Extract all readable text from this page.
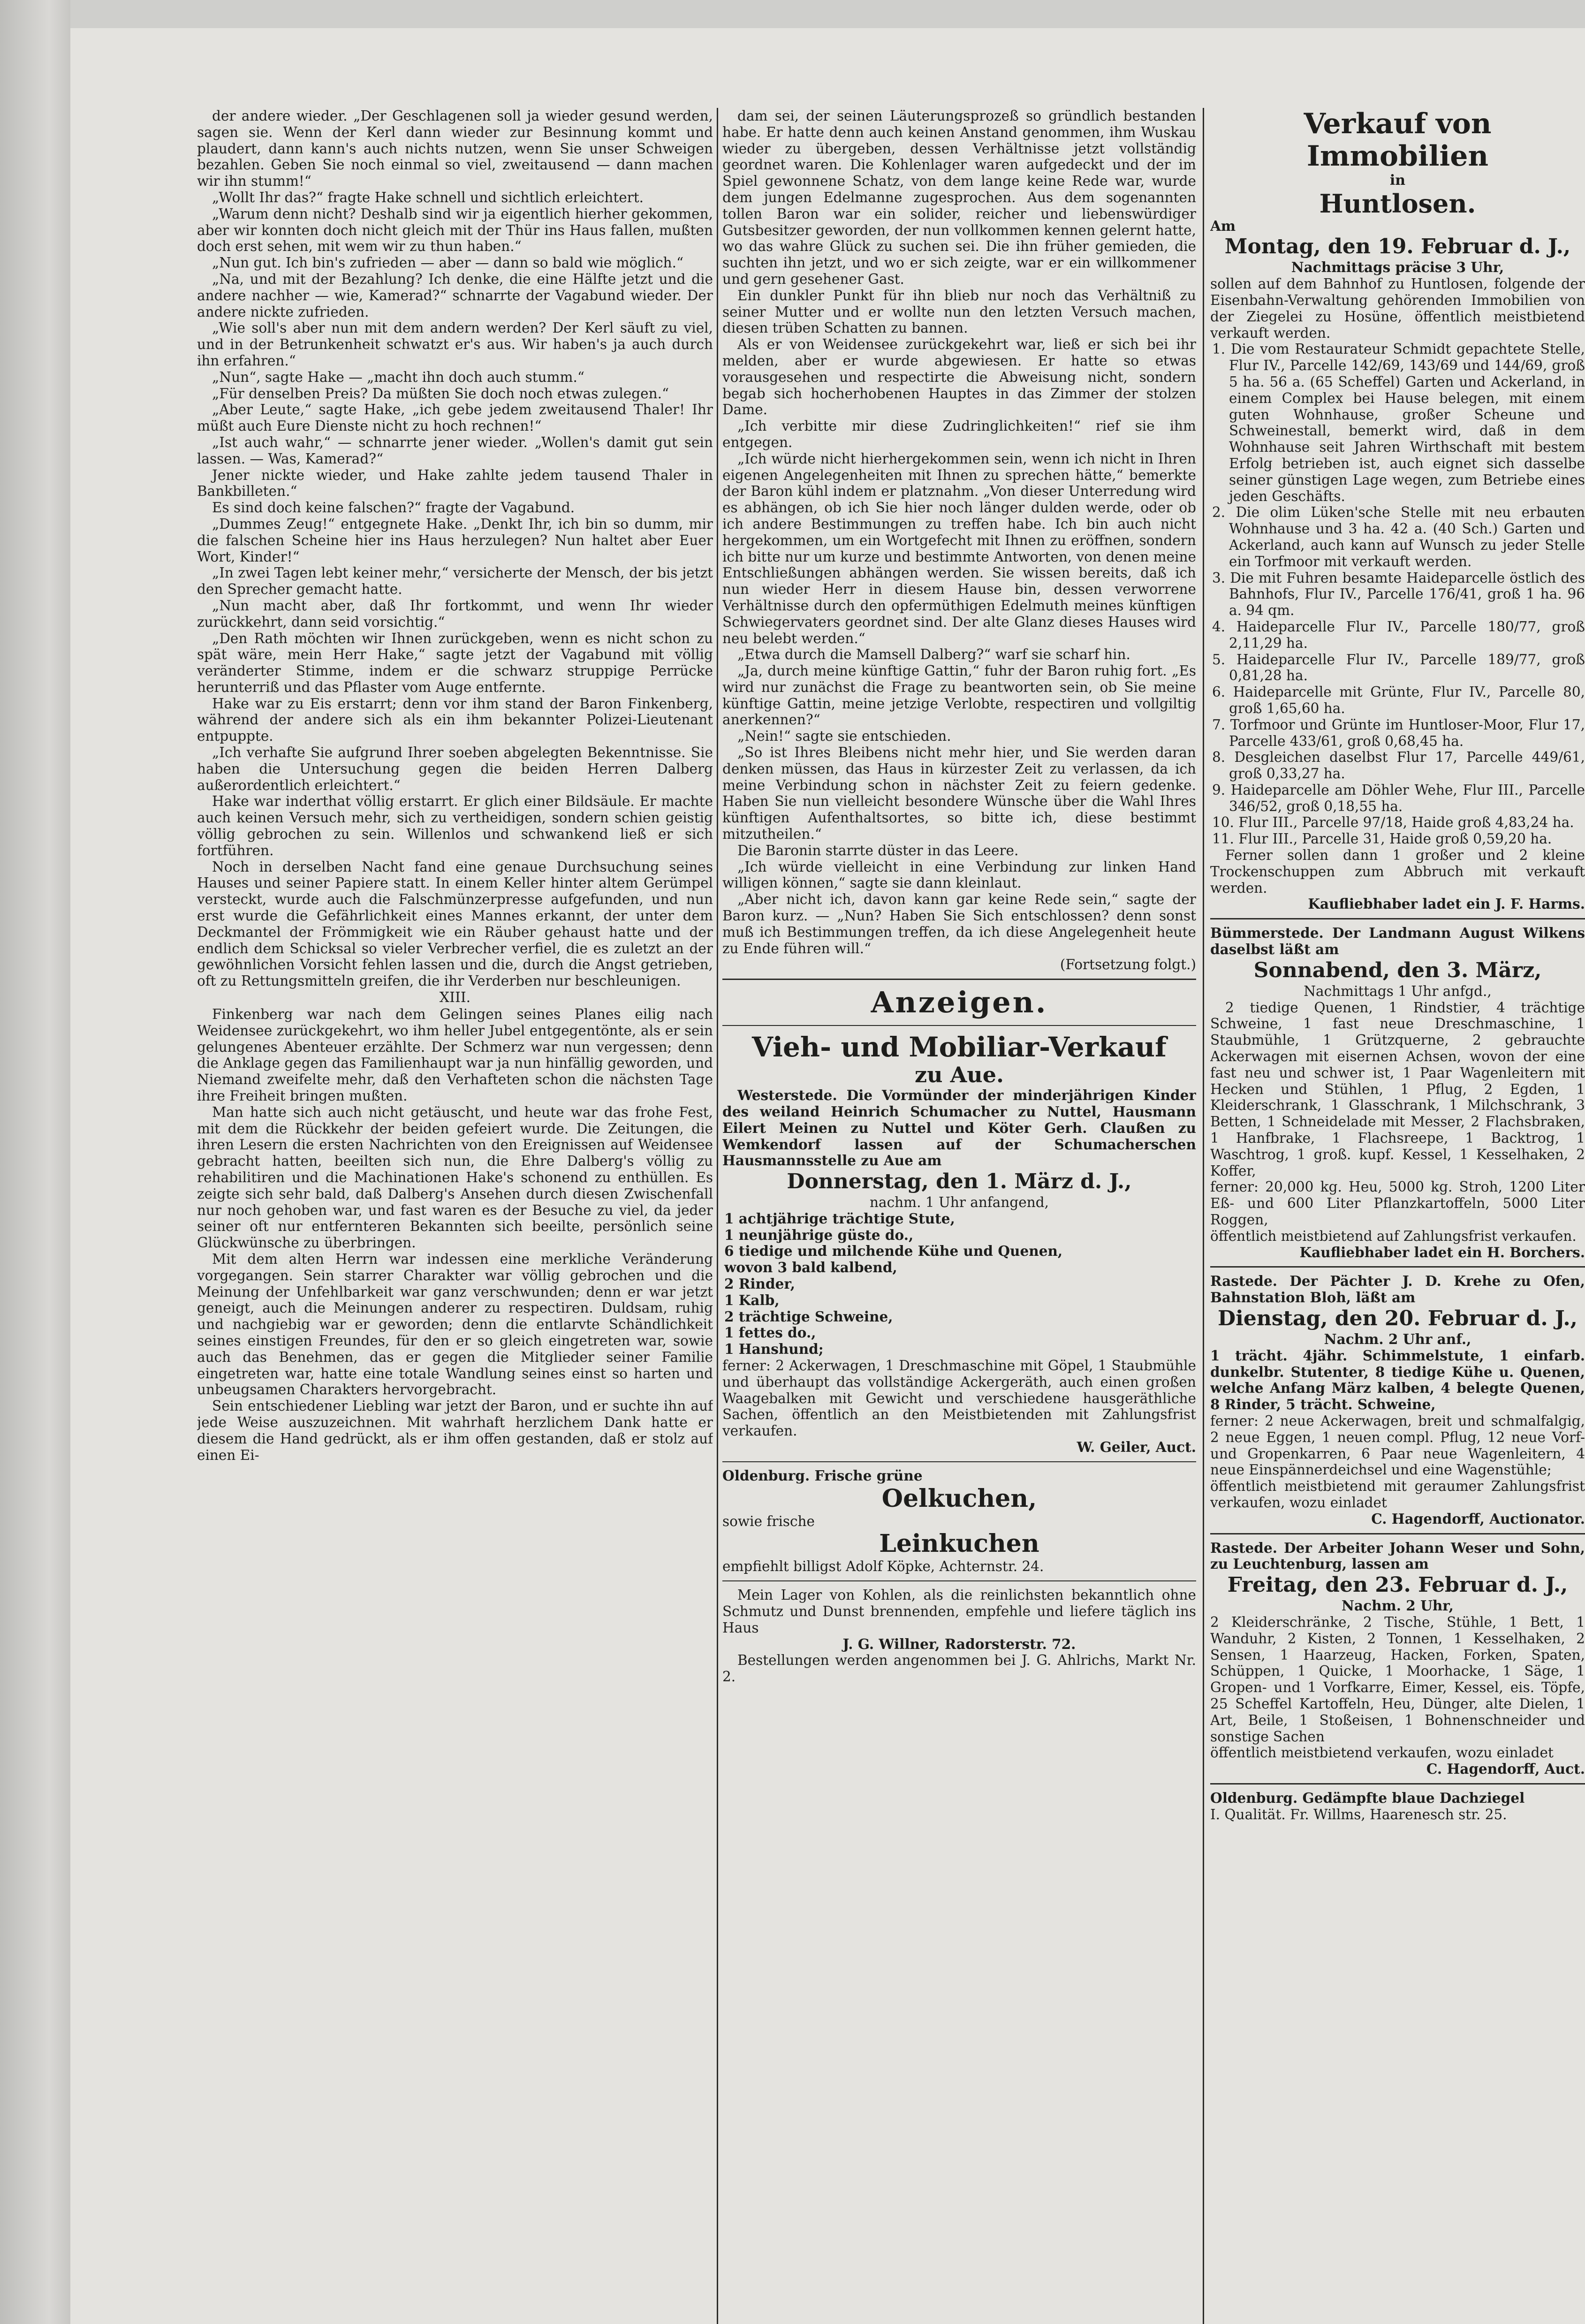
der andere wieder. „Der Geschlagenen soll ja wieder gesund werden, sagen sie. Wenn der Kerl dann wieder zur Besinnung kommt und plaudert, dann kann's auch nichts nutzen, wenn Sie unser Schweigen bezahlen. Geben Sie noch einmal so viel, zweitausend — dann machen wir ihn stumm!“

„Wollt Ihr das?“ fragte Hake schnell und sichtlich erleichtert.

„Warum denn nicht? Deshalb sind wir ja eigentlich hierher gekommen, aber wir konnten doch nicht gleich mit der Thür ins Haus fallen, mußten doch erst sehen, mit wem wir zu thun haben.“

„Nun gut. Ich bin's zufrieden — aber — dann so bald wie möglich.“

„Na, und mit der Bezahlung? Ich denke, die eine Hälfte jetzt und die andere nachher — wie, Kamerad?“ schnarrte der Vagabund wieder. Der andere nickte zufrieden.

„Wie soll's aber nun mit dem andern werden? Der Kerl säuft zu viel, und in der Betrunkenheit schwatzt er's aus. Wir haben's ja auch durch ihn erfahren.“

„Nun“, sagte Hake — „macht ihn doch auch stumm.“

„Für denselben Preis? Da müßten Sie doch noch etwas zulegen.“

„Aber Leute,“ sagte Hake, „ich gebe jedem zweitausend Thaler! Ihr müßt auch Eure Dienste nicht zu hoch rechnen!“

„Ist auch wahr,“ — schnarrte jener wieder. „Wollen's damit gut sein lassen. — Was, Kamerad?“

Jener nickte wieder, und Hake zahlte jedem tausend Thaler in Bankbilleten.“

Es sind doch keine falschen?“ fragte der Vagabund.

„Dummes Zeug!“ entgegnete Hake. „Denkt Ihr, ich bin so dumm, mir die falschen Scheine hier ins Haus herzulegen? Nun haltet aber Euer Wort, Kinder!“

„In zwei Tagen lebt keiner mehr,“ versicherte der Mensch, der bis jetzt den Sprecher gemacht hatte.

„Nun macht aber, daß Ihr fortkommt, und wenn Ihr wieder zurückkehrt, dann seid vorsichtig.“

„Den Rath möchten wir Ihnen zurückgeben, wenn es nicht schon zu spät wäre, mein Herr Hake,“ sagte jetzt der Vagabund mit völlig veränderter Stimme, indem er die schwarz struppige Perrücke herunterriß und das Pflaster vom Auge entfernte.

Hake war zu Eis erstarrt; denn vor ihm stand der Baron Finkenberg, während der andere sich als ein ihm bekannter Polizei-Lieutenant entpuppte.

„Ich verhafte Sie aufgrund Ihrer soeben abgelegten Bekenntnisse. Sie haben die Untersuchung gegen die beiden Herren Dalberg außerordentlich erleichtert.“

Hake war inderthat völlig erstarrt. Er glich einer Bildsäule. Er machte auch keinen Versuch mehr, sich zu vertheidigen, sondern schien geistig völlig gebrochen zu sein. Willenlos und schwankend ließ er sich fortführen.

Noch in derselben Nacht fand eine genaue Durchsuchung seines Hauses und seiner Papiere statt. In einem Keller hinter altem Gerümpel versteckt, wurde auch die Falschmünzerpresse aufgefunden, und nun erst wurde die Gefährlichkeit eines Mannes erkannt, der unter dem Deckmantel der Frömmigkeit wie ein Räuber gehaust hatte und der endlich dem Schicksal so vieler Verbrecher verfiel, die es zuletzt an der gewöhnlichen Vorsicht fehlen lassen und die, durch die Angst getrieben, oft zu Rettungsmitteln greifen, die ihr Verderben nur beschleunigen.

XIII.

Finkenberg war nach dem Gelingen seines Planes eilig nach Weidensee zurückgekehrt, wo ihm heller Jubel entgegentönte, als er sein gelungenes Abenteuer erzählte. Der Schmerz war nun vergessen; denn die Anklage gegen das Familienhaupt war ja nun hinfällig geworden, und Niemand zweifelte mehr, daß den Verhafteten schon die nächsten Tage ihre Freiheit bringen mußten.

Man hatte sich auch nicht getäuscht, und heute war das frohe Fest, mit dem die Rückkehr der beiden gefeiert wurde. Die Zeitungen, die ihren Lesern die ersten Nachrichten von den Ereignissen auf Weidensee gebracht hatten, beeilten sich nun, die Ehre Dalberg's völlig zu rehabilitiren und die Machinationen Hake's schonend zu enthüllen. Es zeigte sich sehr bald, daß Dalberg's Ansehen durch diesen Zwischenfall nur noch gehoben war, und fast waren es der Besuche zu viel, da jeder seiner oft nur entfernteren Bekannten sich beeilte, persönlich seine Glückwünsche zu überbringen.

Mit dem alten Herrn war indessen eine merkliche Veränderung vorgegangen. Sein starrer Charakter war völlig gebrochen und die Meinung der Unfehlbarkeit war ganz verschwunden; denn er war jetzt geneigt, auch die Meinungen anderer zu respectiren. Duldsam, ruhig und nachgiebig war er geworden; denn die entlarvte Schändlichkeit seines einstigen Freundes, für den er so gleich eingetreten war, sowie auch das Benehmen, das er gegen die Mitglieder seiner Familie eingetreten war, hatte eine totale Wandlung seines einst so harten und unbeugsamen Charakters hervorgebracht.

Sein entschiedener Liebling war jetzt der Baron, und er suchte ihn auf jede Weise auszuzeichnen. Mit wahrhaft herzlichem Dank hatte er diesem die Hand gedrückt, als er ihm offen gestanden, daß er stolz auf einen Ei-

dam sei, der seinen Läuterungsprozeß so gründlich bestanden habe. Er hatte denn auch keinen Anstand genommen, ihm Wuskau wieder zu übergeben, dessen Verhältnisse jetzt vollständig geordnet waren. Die Kohlenlager waren aufgedeckt und der im Spiel gewonnene Schatz, von dem lange keine Rede war, wurde dem jungen Edelmanne zugesprochen. Aus dem sogenannten tollen Baron war ein solider, reicher und liebenswürdiger Gutsbesitzer geworden, der nun vollkommen kennen gelernt hatte, wo das wahre Glück zu suchen sei. Die ihn früher gemieden, die suchten ihn jetzt, und wo er sich zeigte, war er ein willkommener und gern gesehener Gast.

Ein dunkler Punkt für ihn blieb nur noch das Verhältniß zu seiner Mutter und er wollte nun den letzten Versuch machen, diesen trüben Schatten zu bannen.

Als er von Weidensee zurückgekehrt war, ließ er sich bei ihr melden, aber er wurde abgewiesen. Er hatte so etwas vorausgesehen und respectirte die Abweisung nicht, sondern begab sich hocherhobenen Hauptes in das Zimmer der stolzen Dame.

„Ich verbitte mir diese Zudringlichkeiten!“ rief sie ihm entgegen.

„Ich würde nicht hierhergekommen sein, wenn ich nicht in Ihren eigenen Angelegenheiten mit Ihnen zu sprechen hätte,“ bemerkte der Baron kühl indem er platznahm. „Von dieser Unterredung wird es abhängen, ob ich Sie hier noch länger dulden werde, oder ob ich andere Bestimmungen zu treffen habe. Ich bin auch nicht hergekommen, um ein Wortgefecht mit Ihnen zu eröffnen, sondern ich bitte nur um kurze und bestimmte Antworten, von denen meine Entschließungen abhängen werden. Sie wissen bereits, daß ich nun wieder Herr in diesem Hause bin, dessen verworrene Verhältnisse durch den opfermüthigen Edelmuth meines künftigen Schwiegervaters geordnet sind. Der alte Glanz dieses Hauses wird neu belebt werden.“

„Etwa durch die Mamsell Dalberg?“ warf sie scharf hin.

„Ja, durch meine künftige Gattin,“ fuhr der Baron ruhig fort. „Es wird nur zunächst die Frage zu beantworten sein, ob Sie meine künftige Gattin, meine jetzige Verlobte, respectiren und vollgiltig anerkennen?“

„Nein!“ sagte sie entschieden.

„So ist Ihres Bleibens nicht mehr hier, und Sie werden daran denken müssen, das Haus in kürzester Zeit zu verlassen, da ich meine Verbindung schon in nächster Zeit zu feiern gedenke. Haben Sie nun vielleicht besondere Wünsche über die Wahl Ihres künftigen Aufenthaltsortes, so bitte ich, diese bestimmt mitzutheilen.“

Die Baronin starrte düster in das Leere.

„Ich würde vielleicht in eine Verbindung zur linken Hand willigen können,“ sagte sie dann kleinlaut.

„Aber nicht ich, davon kann gar keine Rede sein,“ sagte der Baron kurz. — „Nun? Haben Sie Sich entschlossen? denn sonst muß ich Bestimmungen treffen, da ich diese Angelegenheit heute zu Ende führen will.“

(Fortsetzung folgt.)

Anzeigen.
Vieh- und Mobiliar-Verkauf
zu Aue.

Westerstede. Die Vormünder der minderjährigen Kinder des weiland Heinrich Schumacher zu Nuttel, Hausmann Eilert Meinen zu Nuttel und Köter Gerh. Claußen zu Wemkendorf lassen auf der Schumacherschen Hausmannsstelle zu Aue am

Donnerstag, den 1. März d. J.,

nachm. 1 Uhr anfangend,

1 achtjährige trächtige Stute,

1 neunjährige güste do.,

6 tiedige und milchende Kühe und Quenen,

wovon 3 bald kalbend,

2 Rinder,

1 Kalb,

2 trächtige Schweine,

1 fettes do.,

1 Hanshund;

ferner: 2 Ackerwagen, 1 Dreschmaschine mit Göpel, 1 Staubmühle und überhaupt das vollständige Ackergeräth, auch einen großen Waagebalken mit Gewicht und verschiedene hausgeräthliche Sachen, öffentlich an den Meistbietenden mit Zahlungsfrist verkaufen.

W. Geiler, Auct.

Oldenburg. Frische grüne

Oelkuchen,

sowie frische

Leinkuchen

empfiehlt billigst Adolf Köpke, Achternstr. 24.

Mein Lager von Kohlen, als die reinlichsten bekanntlich ohne Schmutz und Dunst brennenden, empfehle und liefere täglich ins Haus

J. G. Willner, Radorsterstr. 72.

Bestellungen werden angenommen bei J. G. Ahlrichs, Markt Nr. 2.

Verkauf von Immobilien
in
Huntlosen.

Am

Montag, den 19. Februar d. J.,

Nachmittags präcise 3 Uhr,

sollen auf dem Bahnhof zu Huntlosen, folgende der Eisenbahn-Verwaltung gehörenden Immobilien von der Ziegelei zu Hosüne, öffentlich meistbietend verkauft werden.

1. Die vom Restaurateur Schmidt gepachtete Stelle, Flur IV., Parcelle 142/69, 143/69 und 144/69, groß 5 ha. 56 a. (65 Scheffel) Garten und Ackerland, in einem Complex bei Hause belegen, mit einem guten Wohnhause, großer Scheune und Schweinestall, bemerkt wird, daß in dem Wohnhause seit Jahren Wirthschaft mit bestem Erfolg betrieben ist, auch eignet sich dasselbe seiner günstigen Lage wegen, zum Betriebe eines jeden Geschäfts.

2. Die olim Lüken'sche Stelle mit neu erbauten Wohnhause und 3 ha. 42 a. (40 Sch.) Garten und Ackerland, auch kann auf Wunsch zu jeder Stelle ein Torfmoor mit verkauft werden.

3. Die mit Fuhren besamte Haideparcelle östlich des Bahnhofs, Flur IV., Parcelle 176/41, groß 1 ha. 96 a. 94 qm.

4. Haideparcelle Flur IV., Parcelle 180/77, groß 2,11,29 ha.

5. Haideparcelle Flur IV., Parcelle 189/77, groß 0,81,28 ha.

6. Haideparcelle mit Grünte, Flur IV., Parcelle 80, groß 1,65,60 ha.

7. Torfmoor und Grünte im Huntloser-Moor, Flur 17, Parcelle 433/61, groß 0,68,45 ha.

8. Desgleichen daselbst Flur 17, Parcelle 449/61, groß 0,33,27 ha.

9. Haideparcelle am Döhler Wehe, Flur III., Parcelle 346/52, groß 0,18,55 ha.

10. Flur III., Parcelle 97/18, Haide groß 4,83,24 ha.

11. Flur III., Parcelle 31, Haide groß 0,59,20 ha.

Ferner sollen dann 1 großer und 2 kleine Trockenschuppen zum Abbruch mit verkauft werden.

Kaufliebhaber ladet ein J. F. Harms.

Bümmerstede. Der Landmann August Wilkens daselbst läßt am

Sonnabend, den 3. März,

Nachmittags 1 Uhr anfgd.,

2 tiedige Quenen, 1 Rindstier, 4 trächtige Schweine, 1 fast neue Dreschmaschine, 1 Staubmühle, 1 Grützquerne, 2 gebrauchte Ackerwagen mit eisernen Achsen, wovon der eine fast neu und schwer ist, 1 Paar Wagenleitern mit Hecken und Stühlen, 1 Pflug, 2 Egden, 1 Kleiderschrank, 1 Glasschrank, 1 Milchschrank, 3 Betten, 1 Schneidelade mit Messer, 2 Flachsbraken, 1 Hanfbrake, 1 Flachsreepe, 1 Backtrog, 1 Waschtrog, 1 groß. kupf. Kessel, 1 Kesselhaken, 2 Koffer,

ferner: 20,000 kg. Heu, 5000 kg. Stroh, 1200 Liter Eß- und 600 Liter Pflanzkartoffeln, 5000 Liter Roggen,

öffentlich meistbietend auf Zahlungsfrist verkaufen.

Kaufliebhaber ladet ein H. Borchers.

Rastede. Der Pächter J. D. Krehe zu Ofen, Bahnstation Bloh, läßt am

Dienstag, den 20. Februar d. J.,

Nachm. 2 Uhr anf.,

1 trächt. 4jähr. Schimmelstute, 1 einfarb. dunkelbr. Stutenter, 8 tiedige Kühe u. Quenen, welche Anfang März kalben, 4 belegte Quenen, 8 Rinder, 5 trächt. Schweine,

ferner: 2 neue Ackerwagen, breit und schmalfalgig, 2 neue Eggen, 1 neuen compl. Pflug, 12 neue Vorf- und Gropenkarren, 6 Paar neue Wagenleitern, 4 neue Einspännerdeichsel und eine Wagenstühle;

öffentlich meistbietend mit geraumer Zahlungsfrist verkaufen, wozu einladet

C. Hagendorff, Auctionator.

Rastede. Der Arbeiter Johann Weser und Sohn, zu Leuchtenburg, lassen am

Freitag, den 23. Februar d. J.,

Nachm. 2 Uhr,

2 Kleiderschränke, 2 Tische, Stühle, 1 Bett, 1 Wanduhr, 2 Kisten, 2 Tonnen, 1 Kesselhaken, 2 Sensen, 1 Haarzeug, Hacken, Forken, Spaten, Schüppen, 1 Quicke, 1 Moorhacke, 1 Säge, 1 Gropen- und 1 Vorfkarre, Eimer, Kessel, eis. Töpfe, 25 Scheffel Kartoffeln, Heu, Dünger, alte Dielen, 1 Art, Beile, 1 Stoßeisen, 1 Bohnenschneider und sonstige Sachen

öffentlich meistbietend verkaufen, wozu einladet

C. Hagendorff, Auct.

Oldenburg. Gedämpfte blaue Dachziegel

I. Qualität. Fr. Willms, Haarenesch str. 25.
